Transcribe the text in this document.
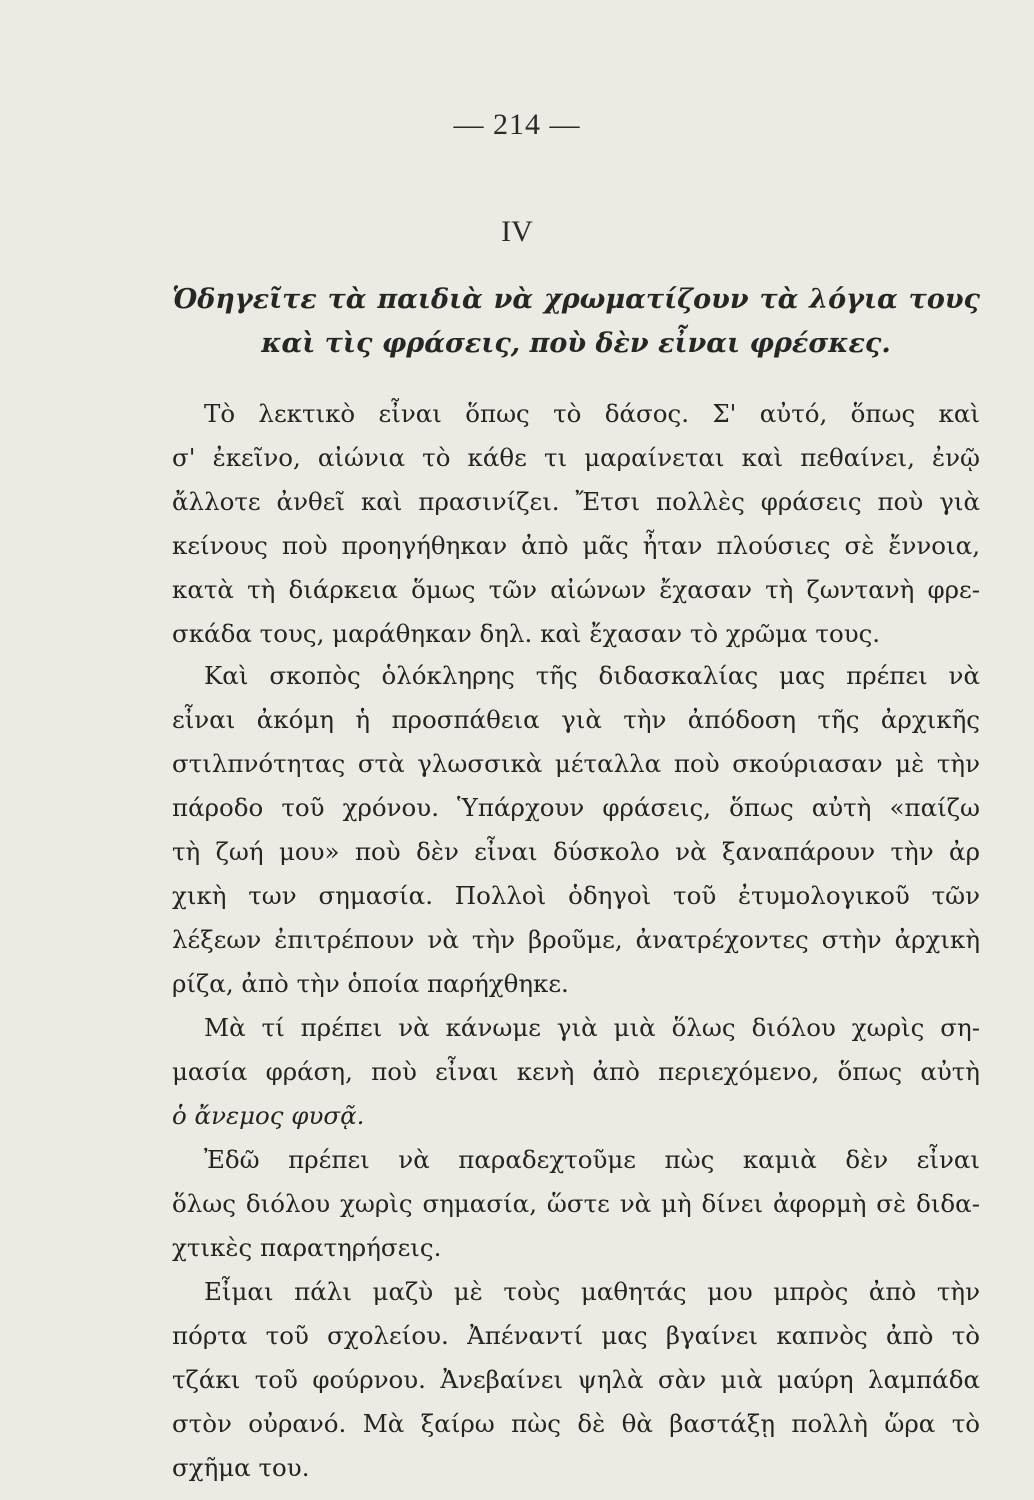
— 214 —
IV
Ὁδηγεῖτε τὰ παιδιὰ νὰ χρωματίζουν τὰ λόγια τους
καὶ τὶς φράσεις, ποὺ δὲν εἶναι φρέσκες.
Τὸ λεκτικὸ εἶναι ὅπως τὸ δάσος. Σ' αὐτό, ὅπως καὶ
σ' ἐκεῖνο, αἰώνια τὸ κάθε τι μαραίνεται καὶ πεθαίνει, ἐνῷ
ἄλλοτε ἀνθεῖ καὶ πρασινίζει. Ἔτσι πολλὲς φράσεις ποὺ γιὰ
κείνους ποὺ προηγήθηκαν ἀπὸ μᾶς ἦταν πλούσιες σὲ ἔννοια,
κατὰ τὴ διάρκεια ὅμως τῶν αἰώνων ἔχασαν τὴ ζωντανὴ φρε-
σκάδα τους, μαράθηκαν δηλ. καὶ ἔχασαν τὸ χρῶμα τους.
Καὶ σκοπὸς ὁλόκληρης τῆς διδασκαλίας μας πρέπει νὰ
εἶναι ἀκόμη ἡ προσπάθεια γιὰ τὴν ἀπόδοση τῆς ἀρχικῆς
στιλπνότητας στὰ γλωσσικὰ μέταλλα ποὺ σκούριασαν μὲ τὴν
πάροδο τοῦ χρόνου. Ὑπάρχουν φράσεις, ὅπως αὐτὴ «παίζω
τὴ ζωή μου» ποὺ δὲν εἶναι δύσκολο νὰ ξαναπάρουν τὴν ἀρ
χικὴ των σημασία. Πολλοὶ ὁδηγοὶ τοῦ ἐτυμολογικοῦ τῶν
λέξεων ἐπιτρέπουν νὰ τὴν βροῦμε, ἀνατρέχοντες στὴν ἀρχικὴ
ρίζα, ἀπὸ τὴν ὁποία παρήχθηκε.
Μὰ τί πρέπει νὰ κάνωμε γιὰ μιὰ ὅλως διόλου χωρὶς ση-
μασία φράση, ποὺ εἶναι κενὴ ἀπὸ περιεχόμενο, ὅπως αὐτὴ
ὁ ἄνεμος φυσᾷ.
Ἐδῶ πρέπει νὰ παραδεχτοῦμε πὼς καμιὰ δὲν εἶναι
ὅλως διόλου χωρὶς σημασία, ὥστε νὰ μὴ δίνει ἀφορμὴ σὲ διδα-
χτικὲς παρατηρήσεις.
Εἶμαι πάλι μαζὺ μὲ τοὺς μαθητάς μου μπρὸς ἀπὸ τὴν
πόρτα τοῦ σχολείου. Ἀπέναντί μας βγαίνει καπνὸς ἀπὸ τὸ
τζάκι τοῦ φούρνου. Ἀνεβαίνει ψηλὰ σὰν μιὰ μαύρη λαμπάδα
στὸν οὐρανό. Μὰ ξαίρω πὼς δὲ θὰ βαστάξῃ πολλὴ ὥρα τὸ
σχῆμα του.
